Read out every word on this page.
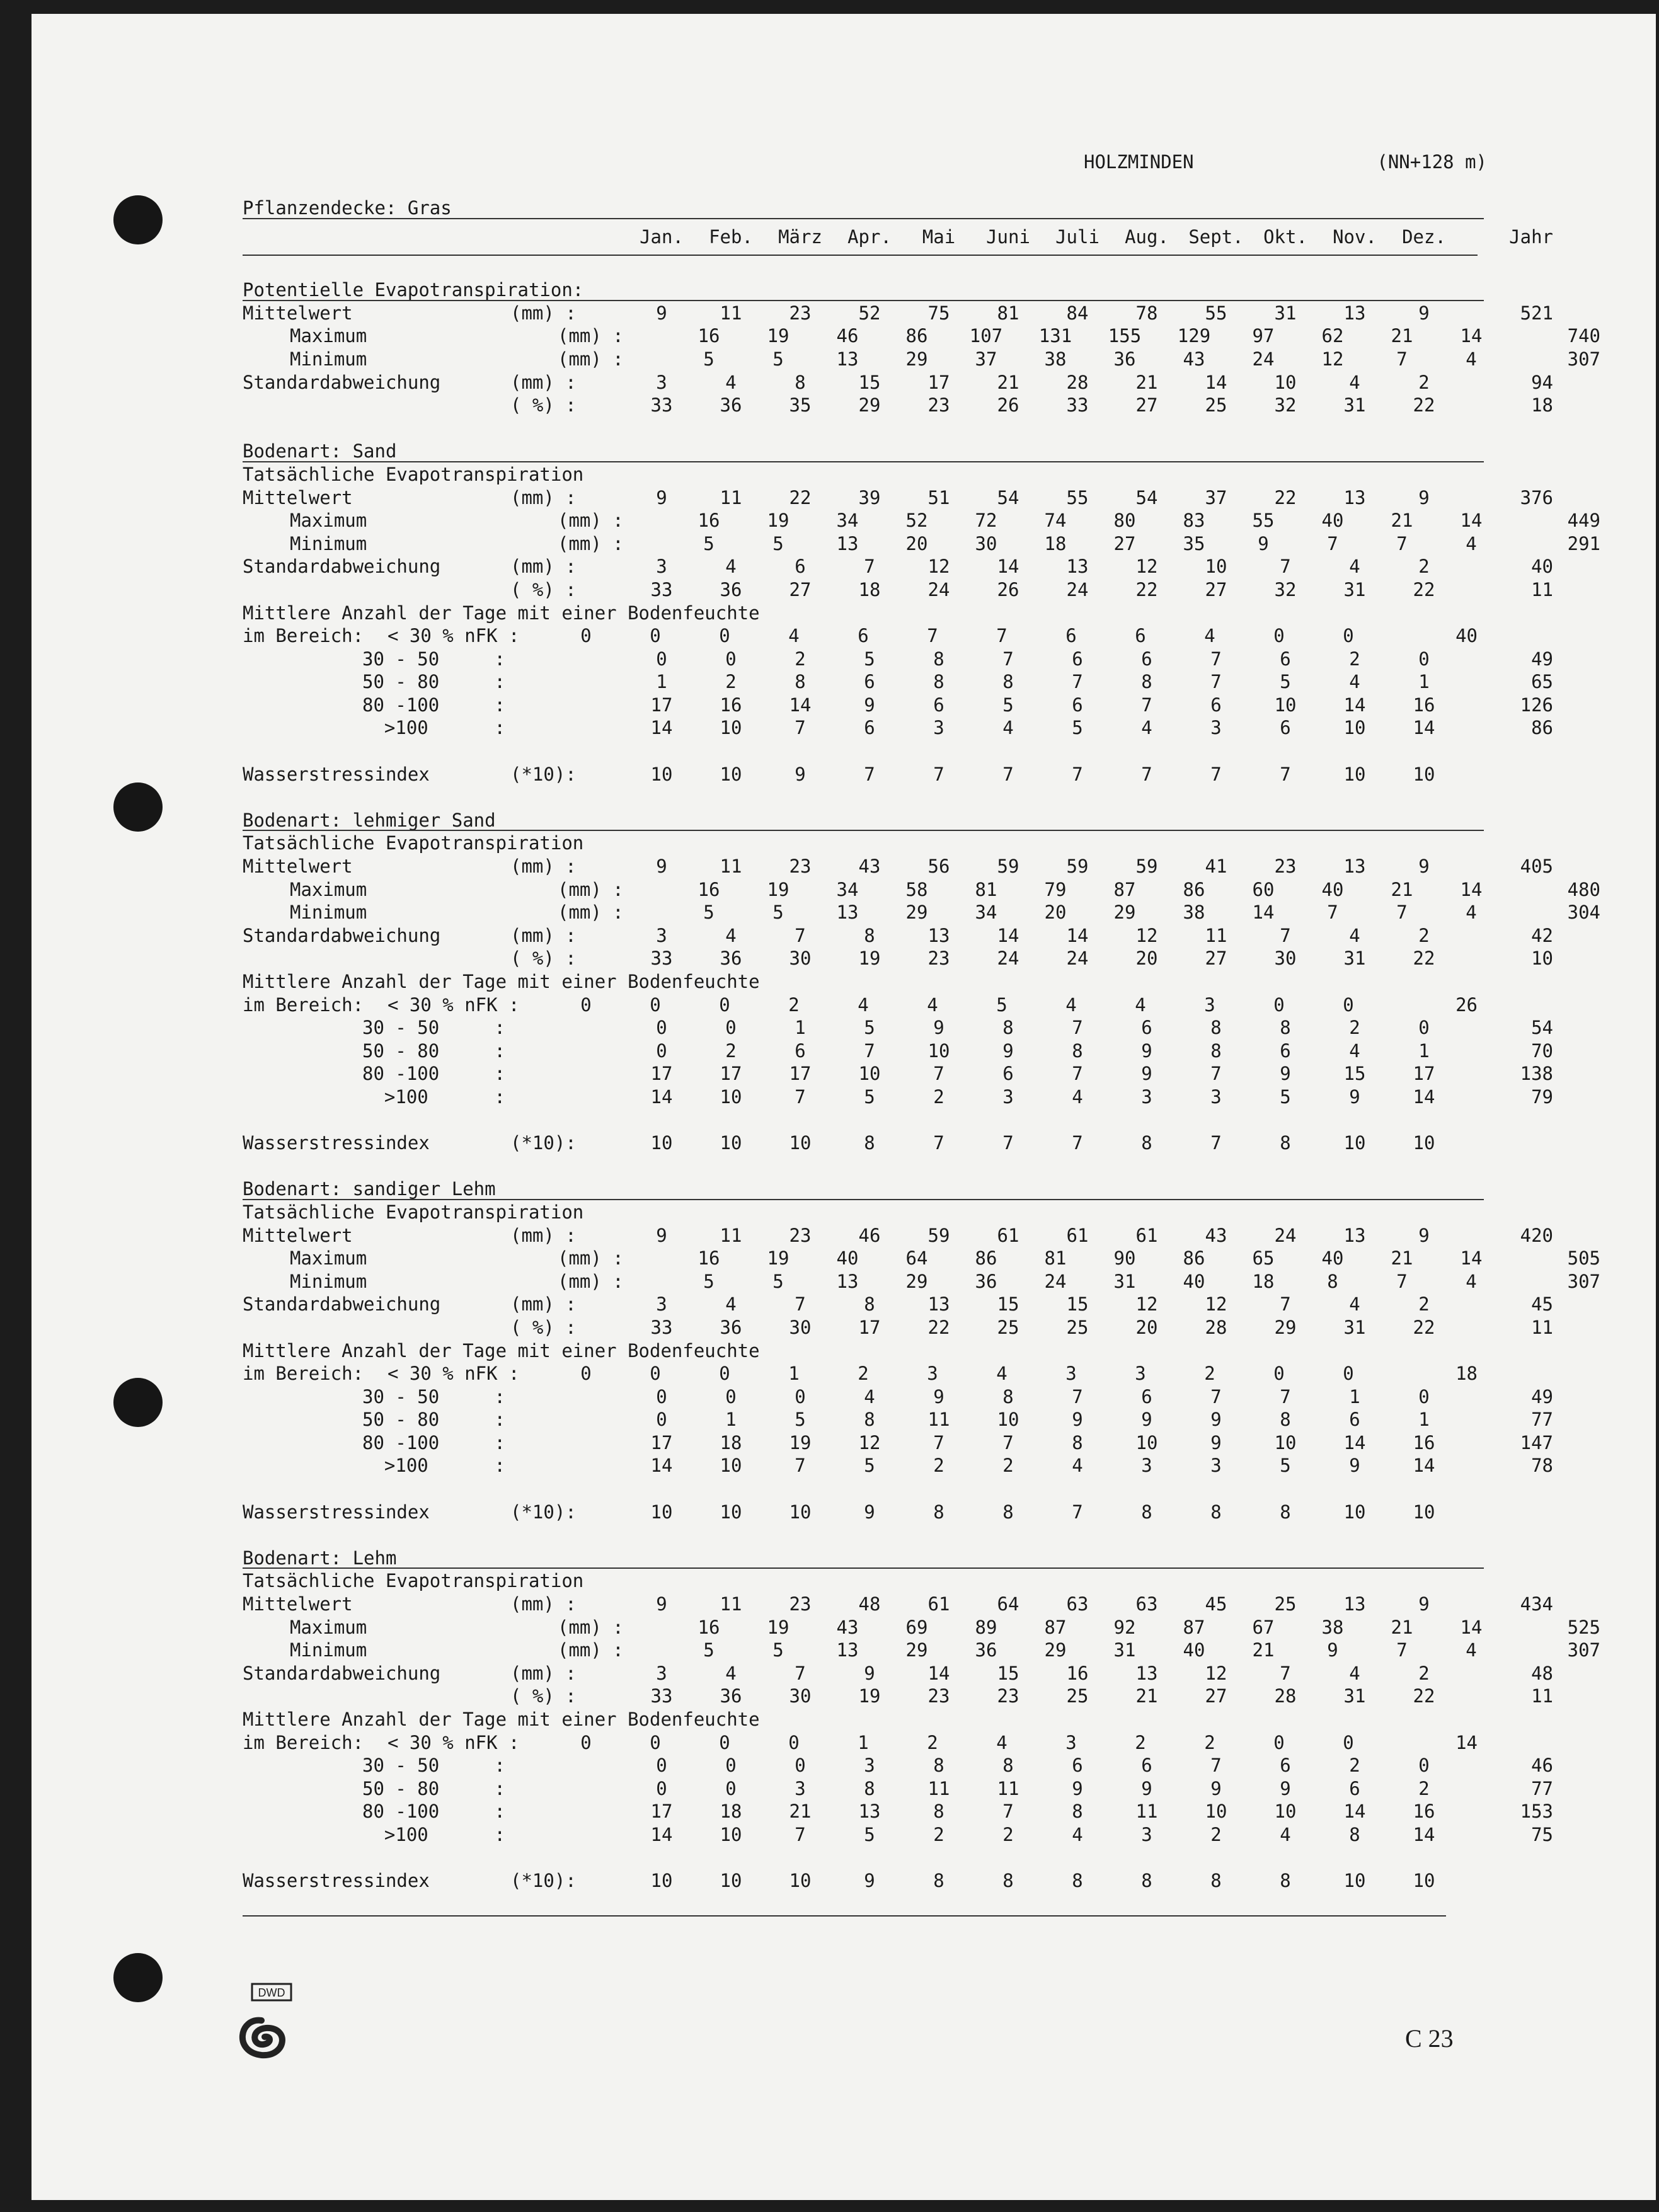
HOLZMINDEN	(NN+128 m)
Pflanzendecke: Gras
Jan.	Feb.	März	Apr.	Mai	Juni	Juli	Aug.	Sept.	Okt.	Nov.	Dez.	Jahr
Potentielle Evapotranspiration:
Mittelwert	(mm) :	9	11	23	52	75	81	84	78	55	31	13	9	521
Maximum	(mm) :	16	19	46	86	107	131	155	129	97	62	21	14	740
Minimum	(mm) :	5	5	13	29	37	38	36	43	24	12	7	4	307
Standardabweichung	(mm) :	3	4	8	15	17	21	28	21	14	10	4	2	94
( %) :	33	36	35	29	23	26	33	27	25	32	31	22	18
Bodenart: Sand
Tatsächliche Evapotranspiration
Mittelwert	(mm) :	9	11	22	39	51	54	55	54	37	22	13	9	376
Maximum	(mm) :	16	19	34	52	72	74	80	83	55	40	21	14	449
Minimum	(mm) :	5	5	13	20	30	18	27	35	9	7	7	4	291
Standardabweichung	(mm) :	3	4	6	7	12	14	13	12	10	7	4	2	40
( %) :	33	36	27	18	24	26	24	22	27	32	31	22	11
Mittlere Anzahl der Tage mit einer Bodenfeuchte
im Bereich:	< 30 % nFK :	0	0	0	4	6	7	7	6	6	4	0	0	40
30 - 50     :	0	0	2	5	8	7	6	6	7	6	2	0	49
50 - 80     :	1	2	8	6	8	8	7	8	7	5	4	1	65
80 -100     :	17	16	14	9	6	5	6	7	6	10	14	16	126
>100      :	14	10	7	6	3	4	5	4	3	6	10	14	86
Wasserstressindex	(*10):	10	10	9	7	7	7	7	7	7	7	10	10
Bodenart: lehmiger Sand
Tatsächliche Evapotranspiration
Mittelwert	(mm) :	9	11	23	43	56	59	59	59	41	23	13	9	405
Maximum	(mm) :	16	19	34	58	81	79	87	86	60	40	21	14	480
Minimum	(mm) :	5	5	13	29	34	20	29	38	14	7	7	4	304
Standardabweichung	(mm) :	3	4	7	8	13	14	14	12	11	7	4	2	42
( %) :	33	36	30	19	23	24	24	20	27	30	31	22	10
Mittlere Anzahl der Tage mit einer Bodenfeuchte
im Bereich:	< 30 % nFK :	0	0	0	2	4	4	5	4	4	3	0	0	26
30 - 50     :	0	0	1	5	9	8	7	6	8	8	2	0	54
50 - 80     :	0	2	6	7	10	9	8	9	8	6	4	1	70
80 -100     :	17	17	17	10	7	6	7	9	7	9	15	17	138
>100      :	14	10	7	5	2	3	4	3	3	5	9	14	79
Wasserstressindex	(*10):	10	10	10	8	7	7	7	8	7	8	10	10
Bodenart: sandiger Lehm
Tatsächliche Evapotranspiration
Mittelwert	(mm) :	9	11	23	46	59	61	61	61	43	24	13	9	420
Maximum	(mm) :	16	19	40	64	86	81	90	86	65	40	21	14	505
Minimum	(mm) :	5	5	13	29	36	24	31	40	18	8	7	4	307
Standardabweichung	(mm) :	3	4	7	8	13	15	15	12	12	7	4	2	45
( %) :	33	36	30	17	22	25	25	20	28	29	31	22	11
Mittlere Anzahl der Tage mit einer Bodenfeuchte
im Bereich:	< 30 % nFK :	0	0	0	1	2	3	4	3	3	2	0	0	18
30 - 50     :	0	0	0	4	9	8	7	6	7	7	1	0	49
50 - 80     :	0	1	5	8	11	10	9	9	9	8	6	1	77
80 -100     :	17	18	19	12	7	7	8	10	9	10	14	16	147
>100      :	14	10	7	5	2	2	4	3	3	5	9	14	78
Wasserstressindex	(*10):	10	10	10	9	8	8	7	8	8	8	10	10
Bodenart: Lehm
Tatsächliche Evapotranspiration
Mittelwert	(mm) :	9	11	23	48	61	64	63	63	45	25	13	9	434
Maximum	(mm) :	16	19	43	69	89	87	92	87	67	38	21	14	525
Minimum	(mm) :	5	5	13	29	36	29	31	40	21	9	7	4	307
Standardabweichung	(mm) :	3	4	7	9	14	15	16	13	12	7	4	2	48
( %) :	33	36	30	19	23	23	25	21	27	28	31	22	11
Mittlere Anzahl der Tage mit einer Bodenfeuchte
im Bereich:	< 30 % nFK :	0	0	0	0	1	2	4	3	2	2	0	0	14
30 - 50     :	0	0	0	3	8	8	6	6	7	6	2	0	46
50 - 80     :	0	0	3	8	11	11	9	9	9	9	6	2	77
80 -100     :	17	18	21	13	8	7	8	11	10	10	14	16	153
>100      :	14	10	7	5	2	2	4	3	2	4	8	14	75
Wasserstressindex	(*10):	10	10	10	9	8	8	8	8	8	8	10	10
DWD
C 23
